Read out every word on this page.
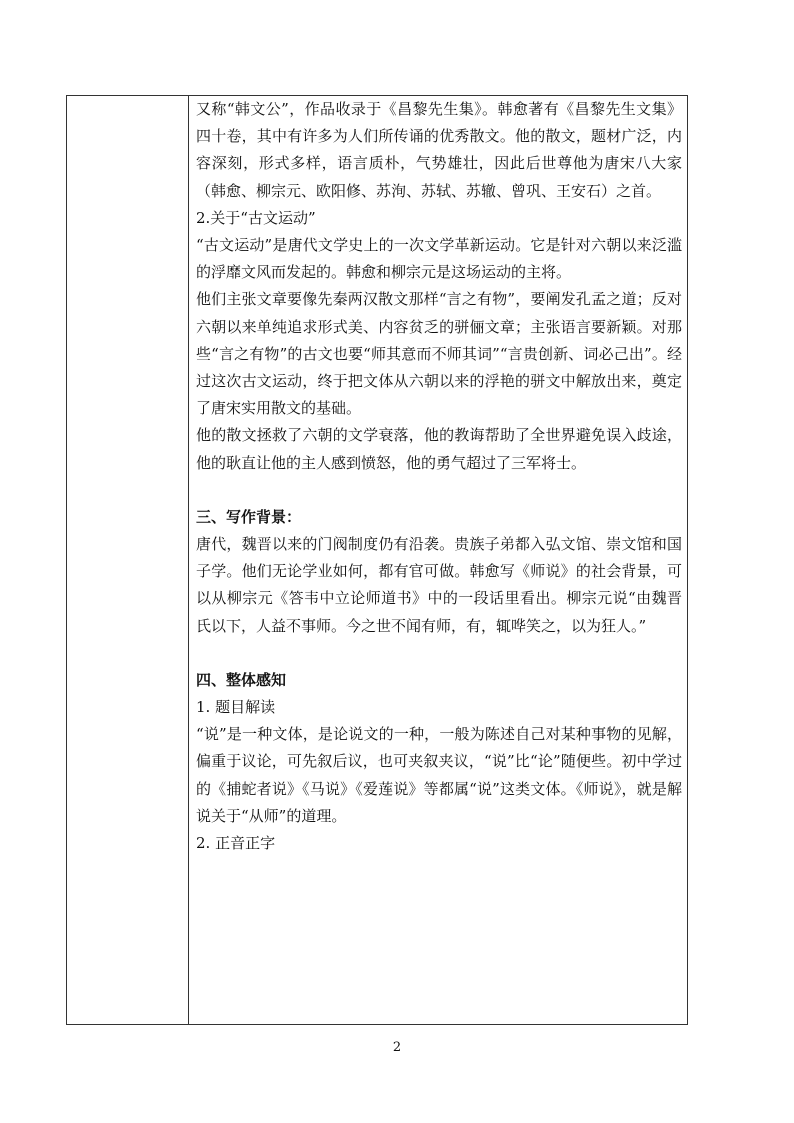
又称“韩文公”，作品收录于《昌黎先生集》。韩愈著有《昌黎先生文集》四十卷，其中有许多为人们所传诵的优秀散文。他的散文，题材广泛，内容深刻，形式多样，语言质朴，气势雄壮，因此后世尊他为唐宋八大家（韩愈、柳宗元、欧阳修、苏洵、苏轼、苏辙、曾巩、王安石）之首。

2.关于“古文运动”

“古文运动”是唐代文学史上的一次文学革新运动。它是针对六朝以来泛滥的浮靡文风而发起的。韩愈和柳宗元是这场运动的主将。

他们主张文章要像先秦两汉散文那样“言之有物”，要阐发孔孟之道；反对六朝以来单纯追求形式美、内容贫乏的骈俪文章；主张语言要新颖。对那些“言之有物”的古文也要“师其意而不师其词”“言贵创新、词必己出”。经过这次古文运动，终于把文体从六朝以来的浮艳的骈文中解放出来，奠定了唐宋实用散文的基础。

他的散文拯救了六朝的文学衰落，他的教诲帮助了全世界避免误入歧途，他的耿直让他的主人感到愤怒，他的勇气超过了三军将士。

三、写作背景：

唐代，魏晋以来的门阀制度仍有沿袭。贵族子弟都入弘文馆、崇文馆和国子学。他们无论学业如何，都有官可做。韩愈写《师说》的社会背景，可以从柳宗元《答韦中立论师道书》中的一段话里看出。柳宗元说“由魏晋氏以下，人益不事师。今之世不闻有师，有，辄哗笑之，以为狂人。”

四、整体感知

1. 题目解读

“说”是一种文体，是论说文的一种，一般为陈述自己对某种事物的见解，偏重于议论，可先叙后议，也可夹叙夹议，“说”比“论”随便些。初中学过的《捕蛇者说》《马说》《爱莲说》等都属“说”这类文体。《师说》，就是解说关于“从师”的道理。

2. 正音正字

2
